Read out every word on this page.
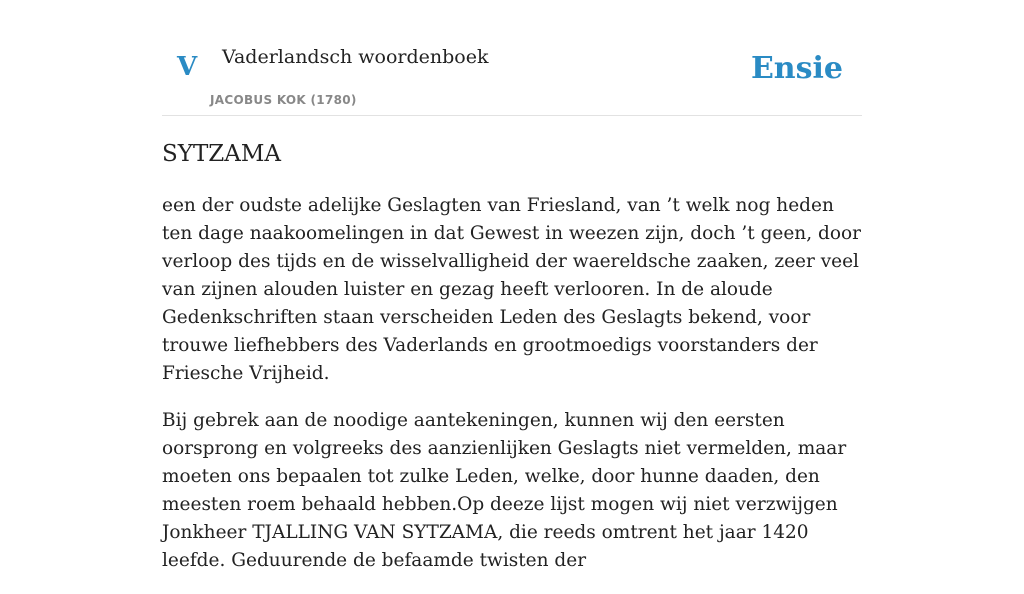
V Vaderlandsch woordenboek
JACOBUS KOK (1780)
Ensie
SYTZAMA

een der oudste adelijke Geslagten van Friesland, van ’t welk nog heden ten dage naakoomelingen in dat Gewest in weezen zijn, doch ’t geen, door verloop des tijds en de wisselvalligheid der waereldsche zaaken, zeer veel van zijnen alouden luister en gezag heeft verlooren. In de aloude Gedenkschriften staan verscheiden Leden des Geslagts bekend, voor trouwe liefhebbers des Vaderlands en grootmoedigs voorstanders der Friesche Vrijheid.

Bij gebrek aan de noodige aantekeningen, kunnen wij den eersten oorsprong en volgreeks des aanzienlijken Geslagts niet vermelden, maar moeten ons bepaalen tot zulke Leden, welke, door hunne daaden, den meesten roem behaald hebben.Op deeze lijst mogen wij niet verzwijgen Jonkheer TJALLING VAN SYTZAMA, die reeds omtrent het jaar 1420 leefde. Geduurende de befaamde twisten der
